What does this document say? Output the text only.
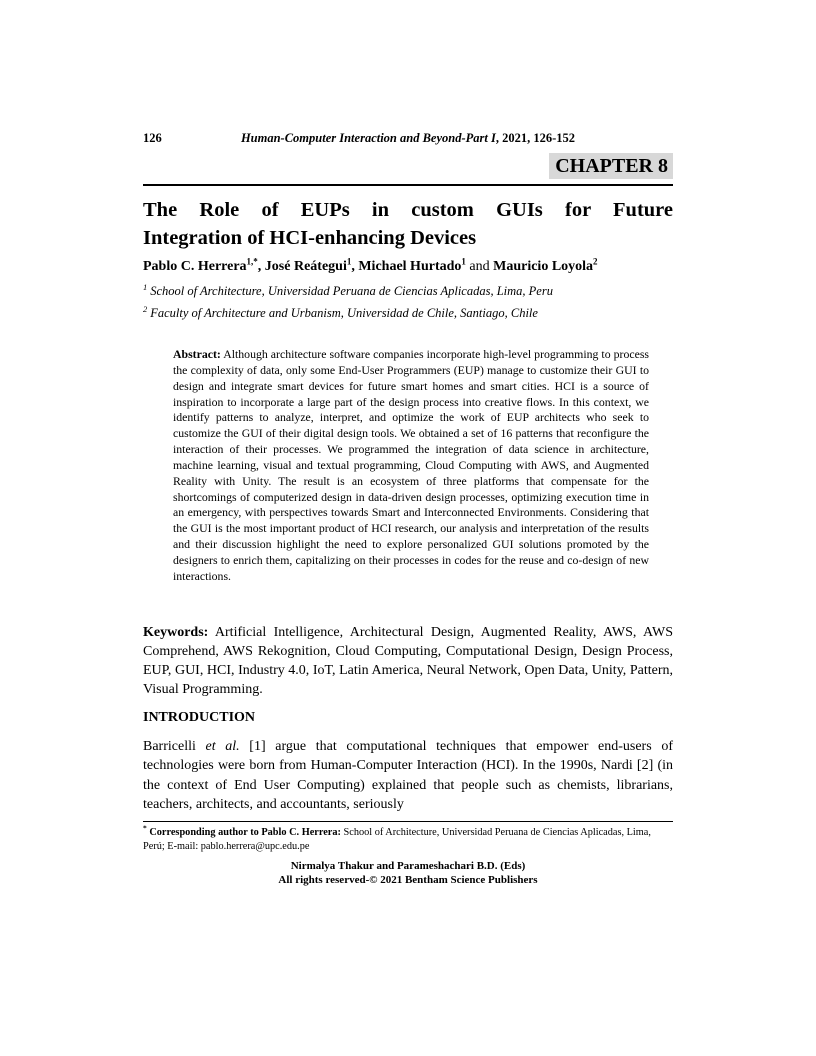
126	Human-Computer Interaction and Beyond-Part I, 2021, 126-152
CHAPTER 8
The Role of EUPs in custom GUIs for Future
Integration of HCI-enhancing Devices
Pablo C. Herrera$^{1,*}$, José Reátegui$^1$, Michael Hurtado$^1$ and Mauricio Loyola$^2$
$^1$ School of Architecture, Universidad Peruana de Ciencias Aplicadas, Lima, Peru
$^2$ Faculty of Architecture and Urbanism, Universidad de Chile, Santiago, Chile
Abstract: Although architecture software companies incorporate high-level programming to process the complexity of data, only some End-User Programmers (EUP) manage to customize their GUI to design and integrate smart devices for future smart homes and smart cities. HCI is a source of inspiration to incorporate a large part of the design process into creative flows. In this context, we identify patterns to analyze, interpret, and optimize the work of EUP architects who seek to customize the GUI of their digital design tools. We obtained a set of 16 patterns that reconfigure the interaction of their processes. We programmed the integration of data science in architecture, machine learning, visual and textual programming, Cloud Computing with AWS, and Augmented Reality with Unity. The result is an ecosystem of three platforms that compensate for the shortcomings of computerized design in data-driven design processes, optimizing execution time in an emergency, with perspectives towards Smart and Interconnected Environments. Considering that the GUI is the most important product of HCI research, our analysis and interpretation of the results and their discussion highlight the need to explore personalized GUI solutions promoted by the designers to enrich them, capitalizing on their processes in codes for the reuse and co-design of new interactions.
Keywords: Artificial Intelligence, Architectural Design, Augmented Reality, AWS, AWS Comprehend, AWS Rekognition, Cloud Computing, Computational Design, Design Process, EUP, GUI, HCI, Industry 4.0, IoT, Latin America, Neural Network, Open Data, Unity, Pattern, Visual Programming.
INTRODUCTION
Barricelli et al. [1] argue that computational techniques that empower end-users of technologies were born from Human-Computer Interaction (HCI). In the 1990s, Nardi [2] (in the context of End User Computing) explained that people such as chemists, librarians, teachers, architects, and accountants, seriously
* Corresponding author to Pablo C. Herrera: School of Architecture, Universidad Peruana de Ciencias Aplicadas, Lima, Perú; E-mail: pablo.herrera@upc.edu.pe
Nirmalya Thakur and Parameshachari B.D. (Eds)
All rights reserved-© 2021 Bentham Science Publishers
